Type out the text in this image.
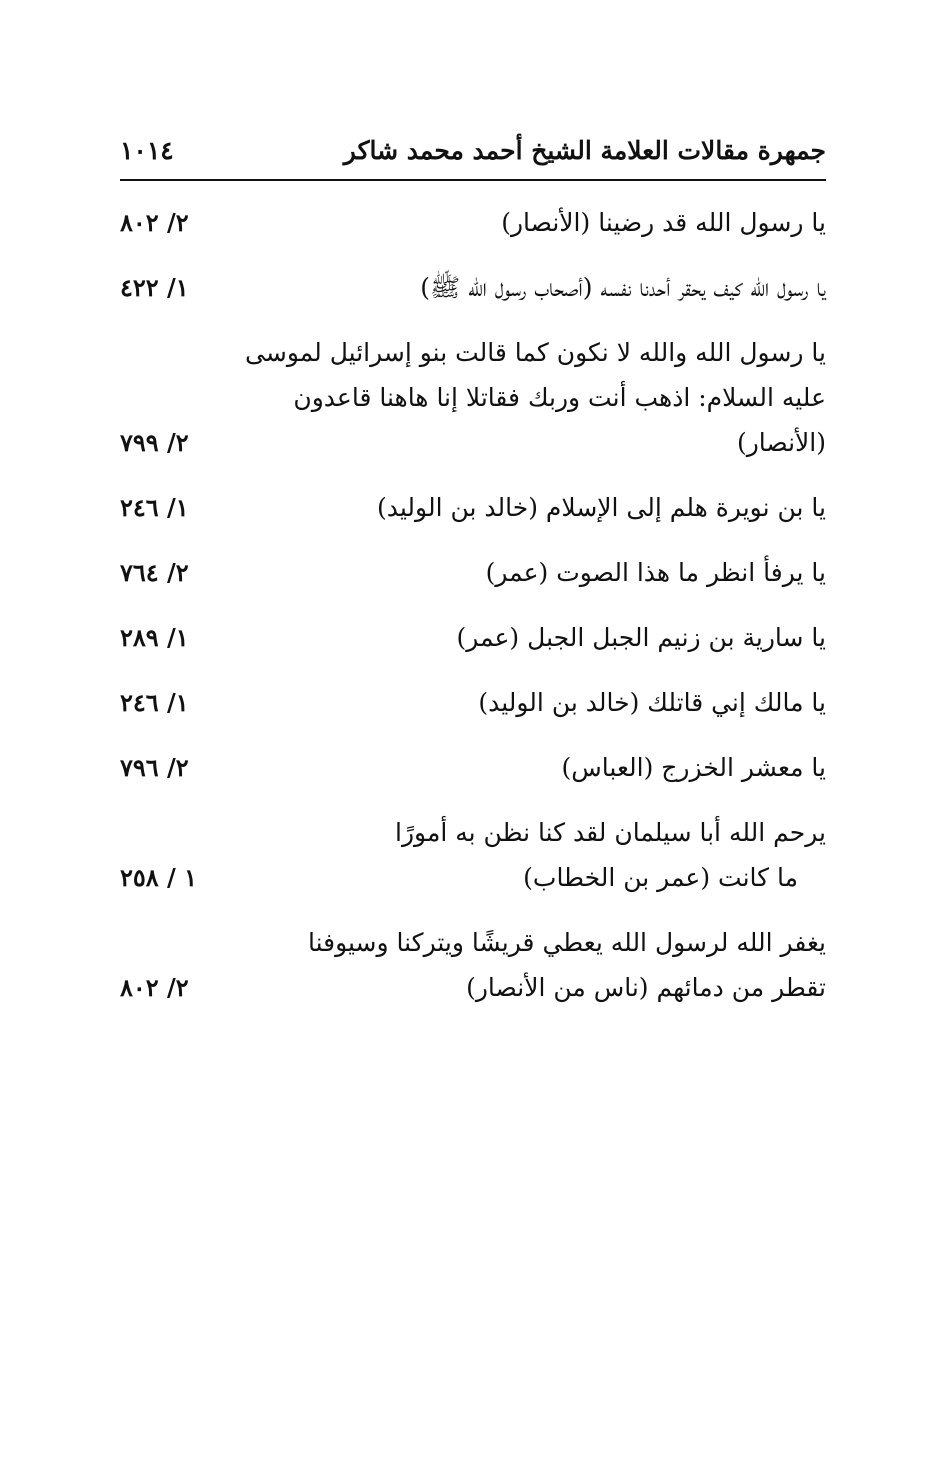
جمهرة مقالات العلامة الشيخ أحمد محمد شاكر
١٠١٤
يا رسول الله قد رضينا (الأنصار)
٢/ ٨٠٢
يا رسول الله كيف يحقر أحدنا نفسه (أصحاب رسول الله ﷺ)
١/ ٤٢٢
يا رسول الله والله لا نكون كما قالت بنو إسرائيل لموسى
عليه السلام: اذهب أنت وربك فقاتلا إنا هاهنا قاعدون (الأنصار)
٢/ ٧٩٩
يا بن نويرة هلم إلى الإسلام (خالد بن الوليد)
١/ ٢٤٦
يا يرفأ انظر ما هذا الصوت (عمر)
٢/ ٧٦٤
يا سارية بن زنيم الجبل الجبل (عمر)
١/ ٢٨٩
يا مالك إني قاتلك (خالد بن الوليد)
١/ ٢٤٦
يا معشر الخزرج (العباس)
٢/ ٧٩٦
يرحم الله أبا سيلمان لقد كنا نظن به أمورًا
ما كانت (عمر بن الخطاب)
١ / ٢٥٨
يغفر الله لرسول الله يعطي قريشًا ويتركنا وسيوفنا
تقطر من دمائهم (ناس من الأنصار)
٢/ ٨٠٢
